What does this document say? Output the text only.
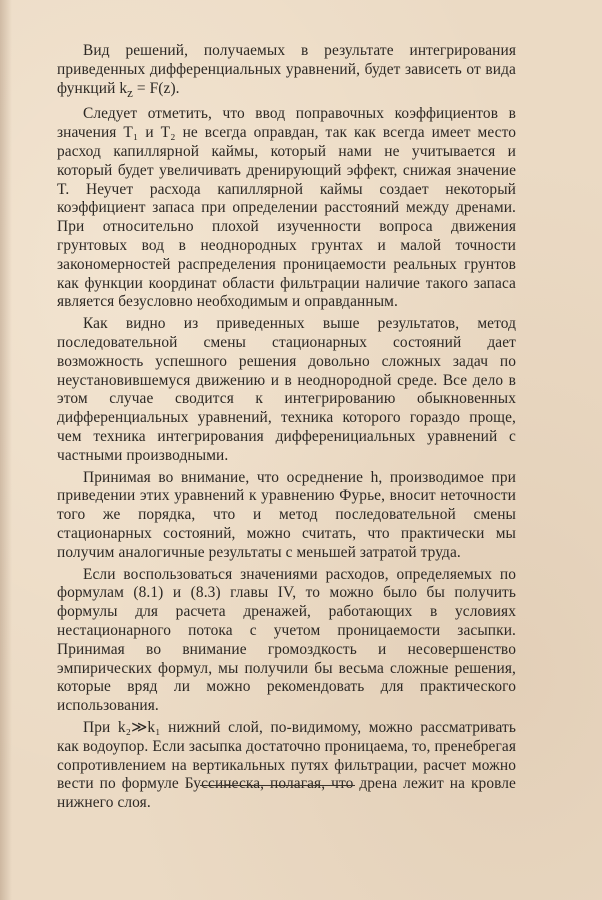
Вид решений, получаемых в результате интегрирования приведенных дифференциальных уравнений, будет зависеть от вида функций $k_z = F(z)$.

Следует отметить, что ввод поправочных коэффициентов в значения T₁ и T₂ не всегда оправдан, так как всегда имеет место расход капиллярной каймы, который нами не учитывается и который будет увеличивать дренирующий эффект, снижая значение T. Неучет расхода капиллярной каймы создает некоторый коэффициент запаса при определении расстояний между дренами. При относительно плохой изученности вопроса движения грунтовых вод в неоднородных грунтах и малой точности закономерностей распределения проницаемости реальных грунтов как функции координат области фильтрации наличие такого запаса является безусловно необходимым и оправданным.

Как видно из приведенных выше результатов, метод последовательной смены стационарных состояний дает возможность успешного решения довольно сложных задач по неустановившемуся движению и в неоднородной среде. Все дело в этом случае сводится к интегрированию обыкновенных дифференциальных уравнений, техника которого гораздо проще, чем техника интегрирования дифференициальных уравнений с частными производными.

Принимая во внимание, что осреднение h, производимое при приведении этих уравнений к уравнению Фурье, вносит неточности того же порядка, что и метод последовательной смены стационарных состояний, можно считать, что практически мы получим аналогичные результаты с меньшей затратой труда.

Если воспользоваться значениями расходов, определяемых по формулам (8.1) и (8.3) главы IV, то можно было бы получить формулы для расчета дренажей, работающих в условиях нестационарного потока с учетом проницаемости засыпки. Принимая во внимание громоздкость и несовершенство эмпирических формул, мы получили бы весьма сложные решения, которые вряд ли можно рекомендовать для практического использования.

При k₂≫k₁ нижний слой, по-видимому, можно рассматривать как водоупор. Если засыпка достаточно проницаема, то, пренебрегая сопротивлением на вертикальных путях фильтрации, расчет можно вести по формуле Буссинеска, полагая, что дрена лежит на кровле нижнего слоя.
